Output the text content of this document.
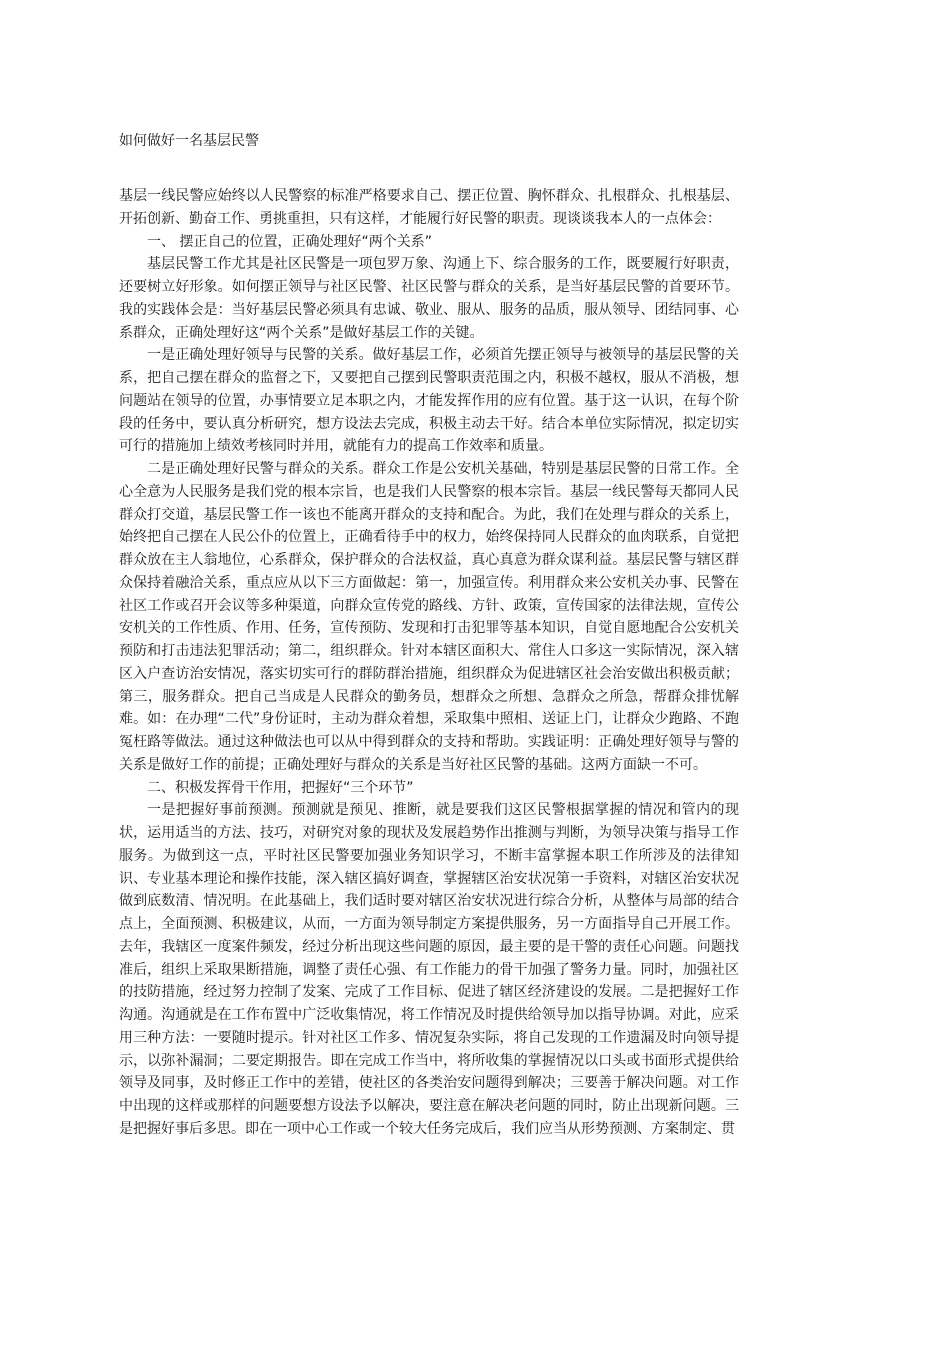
如何做好一名基层民警

基层一线民警应始终以人民警察的标准严格要求自己、摆正位置、胸怀群众、扎根群众、扎根基层、开拓创新、勤奋工作、勇挑重担，只有这样，才能履行好民警的职责。现谈谈我本人的一点体会：

一、 摆正自己的位置，正确处理好“两个关系”

基层民警工作尤其是社区民警是一项包罗万象、沟通上下、综合服务的工作，既要履行好职责，还要树立好形象。如何摆正领导与社区民警、社区民警与群众的关系，是当好基层民警的首要环节。我的实践体会是：当好基层民警必须具有忠诚、敬业、服从、服务的品质，服从领导、团结同事、心系群众，正确处理好这“两个关系”是做好基层工作的关键。

一是正确处理好领导与民警的关系。做好基层工作，必须首先摆正领导与被领导的基层民警的关系，把自己摆在群众的监督之下，又要把自己摆到民警职责范围之内，积极不越权，服从不消极，想问题站在领导的位置，办事情要立足本职之内，才能发挥作用的应有位置。基于这一认识，在每个阶段的任务中，要认真分析研究，想方设法去完成，积极主动去干好。结合本单位实际情况，拟定切实可行的措施加上绩效考核同时并用，就能有力的提高工作效率和质量。

二是正确处理好民警与群众的关系。群众工作是公安机关基础，特别是基层民警的日常工作。全心全意为人民服务是我们党的根本宗旨，也是我们人民警察的根本宗旨。基层一线民警每天都同人民群众打交道，基层民警工作一该也不能离开群众的支持和配合。为此，我们在处理与群众的关系上，始终把自己摆在人民公仆的位置上，正确看待手中的权力，始终保持同人民群众的血肉联系，自觉把群众放在主人翁地位，心系群众，保护群众的合法权益，真心真意为群众谋利益。基层民警与辖区群众保持着融洽关系，重点应从以下三方面做起：第一，加强宣传。利用群众来公安机关办事、民警在社区工作或召开会议等多种渠道，向群众宣传党的路线、方针、政策，宣传国家的法律法规，宣传公安机关的工作性质、作用、任务，宣传预防、发现和打击犯罪等基本知识，自觉自愿地配合公安机关预防和打击违法犯罪活动；第二，组织群众。针对本辖区面积大、常住人口多这一实际情况，深入辖区入户查访治安情况，落实切实可行的群防群治措施，组织群众为促进辖区社会治安做出积极贡献；第三，服务群众。把自己当成是人民群众的勤务员，想群众之所想、急群众之所急，帮群众排忧解难。如：在办理“二代”身份证时，主动为群众着想，采取集中照相、送证上门，让群众少跑路、不跑冤枉路等做法。通过这种做法也可以从中得到群众的支持和帮助。实践证明：正确处理好领导与警的关系是做好工作的前提；正确处理好与群众的关系是当好社区民警的基础。这两方面缺一不可。

二、积极发挥骨干作用，把握好“三个环节”

一是把握好事前预测。预测就是预见、推断，就是要我们这区民警根据掌握的情况和管内的现状，运用适当的方法、技巧，对研究对象的现状及发展趋势作出推测与判断，为领导决策与指导工作服务。为做到这一点，平时社区民警要加强业务知识学习，不断丰富掌握本职工作所涉及的法律知识、专业基本理论和操作技能，深入辖区搞好调查，掌握辖区治安状况第一手资料，对辖区治安状况做到底数清、情况明。在此基础上，我们适时要对辖区治安状况进行综合分析，从整体与局部的结合点上，全面预测、积极建议，从而，一方面为领导制定方案提供服务，另一方面指导自己开展工作。去年，我辖区一度案件频发，经过分析出现这些问题的原因，最主要的是干警的责任心问题。问题找准后，组织上采取果断措施，调整了责任心强、有工作能力的骨干加强了警务力量。同时，加强社区的技防措施，经过努力控制了发案、完成了工作目标、促进了辖区经济建设的发展。二是把握好工作沟通。沟通就是在工作布置中广泛收集情况，将工作情况及时提供给领导加以指导协调。对此，应采用三种方法：一要随时提示。针对社区工作多、情况复杂实际，将自己发现的工作遗漏及时向领导提示，以弥补漏洞；二要定期报告。即在完成工作当中，将所收集的掌握情况以口头或书面形式提供给领导及同事，及时修正工作中的差错，使社区的各类治安问题得到解决；三要善于解决问题。对工作中出现的这样或那样的问题要想方设法予以解决，要注意在解决老问题的同时，防止出现新问题。三是把握好事后多思。即在一项中心工作或一个较大任务完成后，我们应当从形势预测、方案制定、贯
